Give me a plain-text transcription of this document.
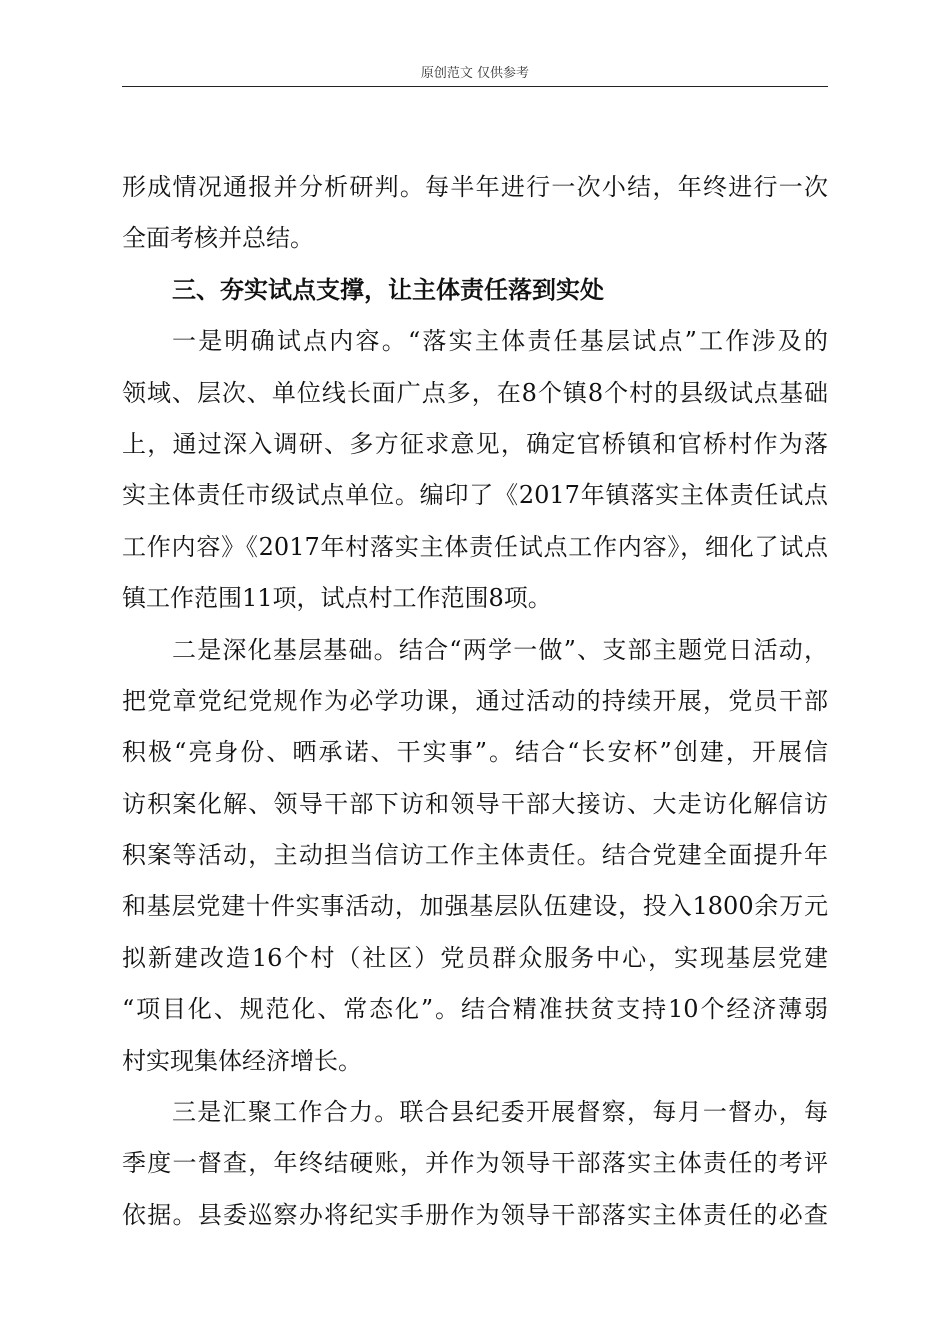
原创范文 仅供参考
形成情况通报并分析研判。每半年进行一次小结，年终进行一次
全面考核并总结。
三、夯实试点支撑，让主体责任落到实处
一是明确试点内容。“落实主体责任基层试点”工作涉及的
领域、层次、单位线长面广点多，在8个镇8个村的县级试点基础
上，通过深入调研、多方征求意见，确定官桥镇和官桥村作为落
实主体责任市级试点单位。编印了《2017年镇落实主体责任试点
工作内容》《2017年村落实主体责任试点工作内容》，细化了试点
镇工作范围11项，试点村工作范围8项。
二是深化基层基础。结合“两学一做”、支部主题党日活动，
把党章党纪党规作为必学功课，通过活动的持续开展，党员干部
积极“亮身份、晒承诺、干实事”。结合“长安杯”创建，开展信
访积案化解、领导干部下访和领导干部大接访、大走访化解信访
积案等活动，主动担当信访工作主体责任。结合党建全面提升年
和基层党建十件实事活动，加强基层队伍建设，投入1800余万元
拟新建改造16个村（社区）党员群众服务中心，实现基层党建
“项目化、规范化、常态化”。结合精准扶贫支持10个经济薄弱
村实现集体经济增长。
三是汇聚工作合力。联合县纪委开展督察，每月一督办，每
季度一督查，年终结硬账，并作为领导干部落实主体责任的考评
依据。县委巡察办将纪实手册作为领导干部落实主体责任的必查
